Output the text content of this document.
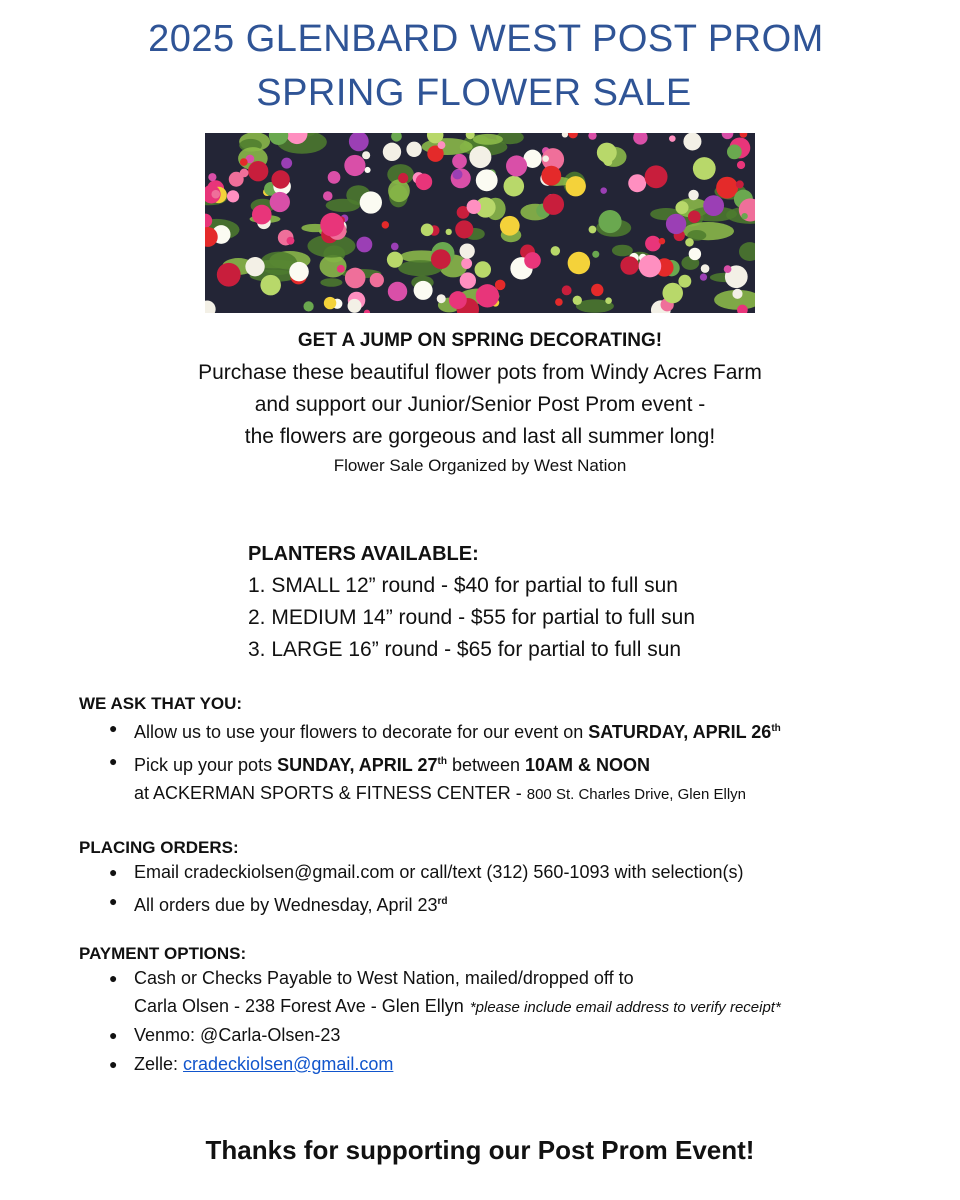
2025 GLENBARD WEST POST PROM
SPRING FLOWER SALE
GET A JUMP ON SPRING DECORATING!
Purchase these beautiful flower pots from Windy Acres Farm
and support our Junior/Senior Post Prom event -
the flowers are gorgeous and last all summer long!
Flower Sale Organized by West Nation
PLANTERS AVAILABLE:
1. SMALL 12” round - $40 for partial to full sun
2. MEDIUM 14” round - $55 for partial to full sun
3. LARGE 16” round - $65 for partial to full sun
WE ASK THAT YOU:
● Allow us to use your flowers to decorate for our event on SATURDAY, APRIL 26th
● Pick up your pots SUNDAY, APRIL 27th between 10AM & NOON
at ACKERMAN SPORTS & FITNESS CENTER - 800 St. Charles Drive, Glen Ellyn
PLACING ORDERS:
● Email cradeckiolsen@gmail.com or call/text (312) 560-1093 with selection(s)
● All orders due by Wednesday, April 23rd
PAYMENT OPTIONS:
● Cash or Checks Payable to West Nation, mailed/dropped off to
Carla Olsen - 238 Forest Ave - Glen Ellyn *please include email address to verify receipt*
● Venmo: @Carla-Olsen-23
● Zelle: cradeckiolsen@gmail.com
Thanks for supporting our Post Prom Event!
